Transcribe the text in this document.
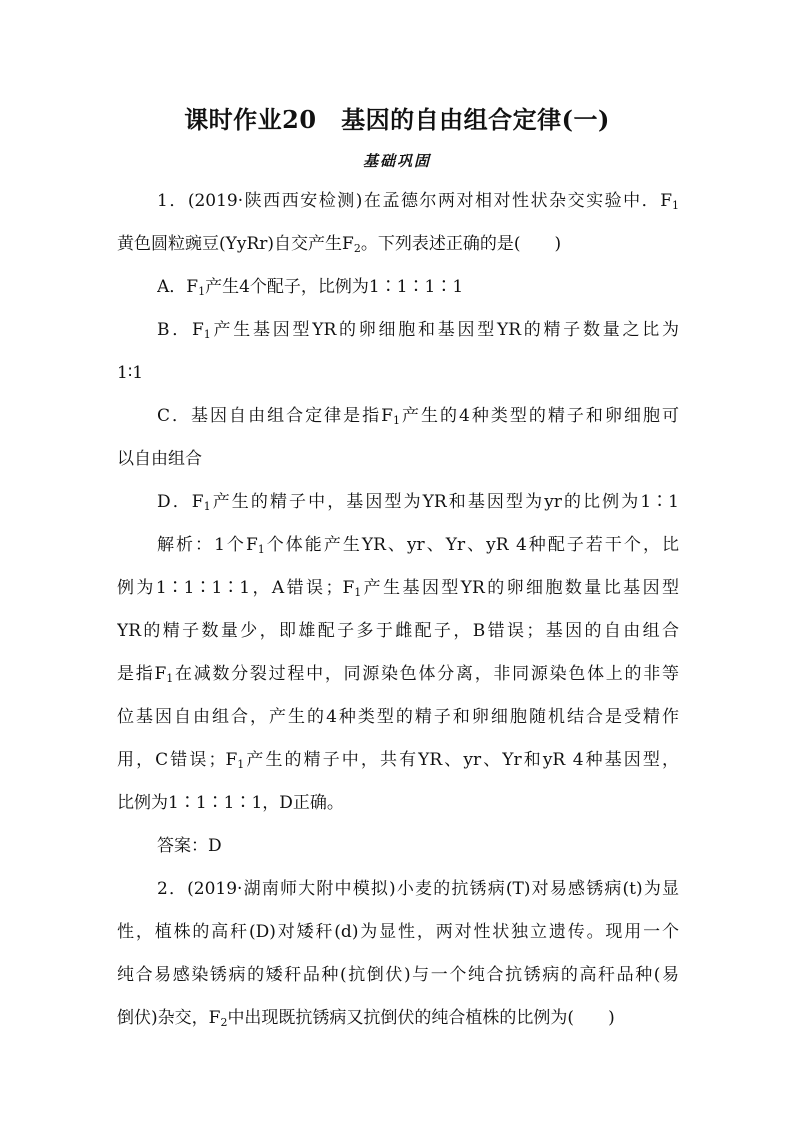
课时作业20　基因的自由组合定律(一)
基础巩固
1．(2019·陕西西安检测)在孟德尔两对相对性状杂交实验中．$F_1$
黄色圆粒豌豆(YyRr)自交产生$F_2$。下列表述正确的是(　　)
A．$F_1$产生4个配子，比例为1∶1∶1∶1
B．$F_1$产生基因型YR的卵细胞和基因型YR的精子数量之比为
1∶1
C．基因自由组合定律是指$F_1$产生的4种类型的精子和卵细胞可
以自由组合
D．$F_1$产生的精子中，基因型为YR和基因型为yr的比例为1∶1
解析：1个$F_1$个体能产生YR、yr、Yr、yR 4种配子若干个，比
例为1∶1∶1∶1，A错误；$F_1$产生基因型YR的卵细胞数量比基因型
YR的精子数量少，即雄配子多于雌配子，B错误；基因的自由组合
是指$F_1$在减数分裂过程中，同源染色体分离，非同源染色体上的非等
位基因自由组合，产生的4种类型的精子和卵细胞随机结合是受精作
用，C错误；$F_1$产生的精子中，共有YR、yr、Yr和yR 4种基因型，
比例为1∶1∶1∶1，D正确。
答案：D
2．(2019·湖南师大附中模拟)小麦的抗锈病(T)对易感锈病(t)为显
性，植株的高秆(D)对矮秆(d)为显性，两对性状独立遗传。现用一个
纯合易感染锈病的矮秆品种(抗倒伏)与一个纯合抗锈病的高秆品种(易
倒伏)杂交，$F_2$中出现既抗锈病又抗倒伏的纯合植株的比例为(　　)
